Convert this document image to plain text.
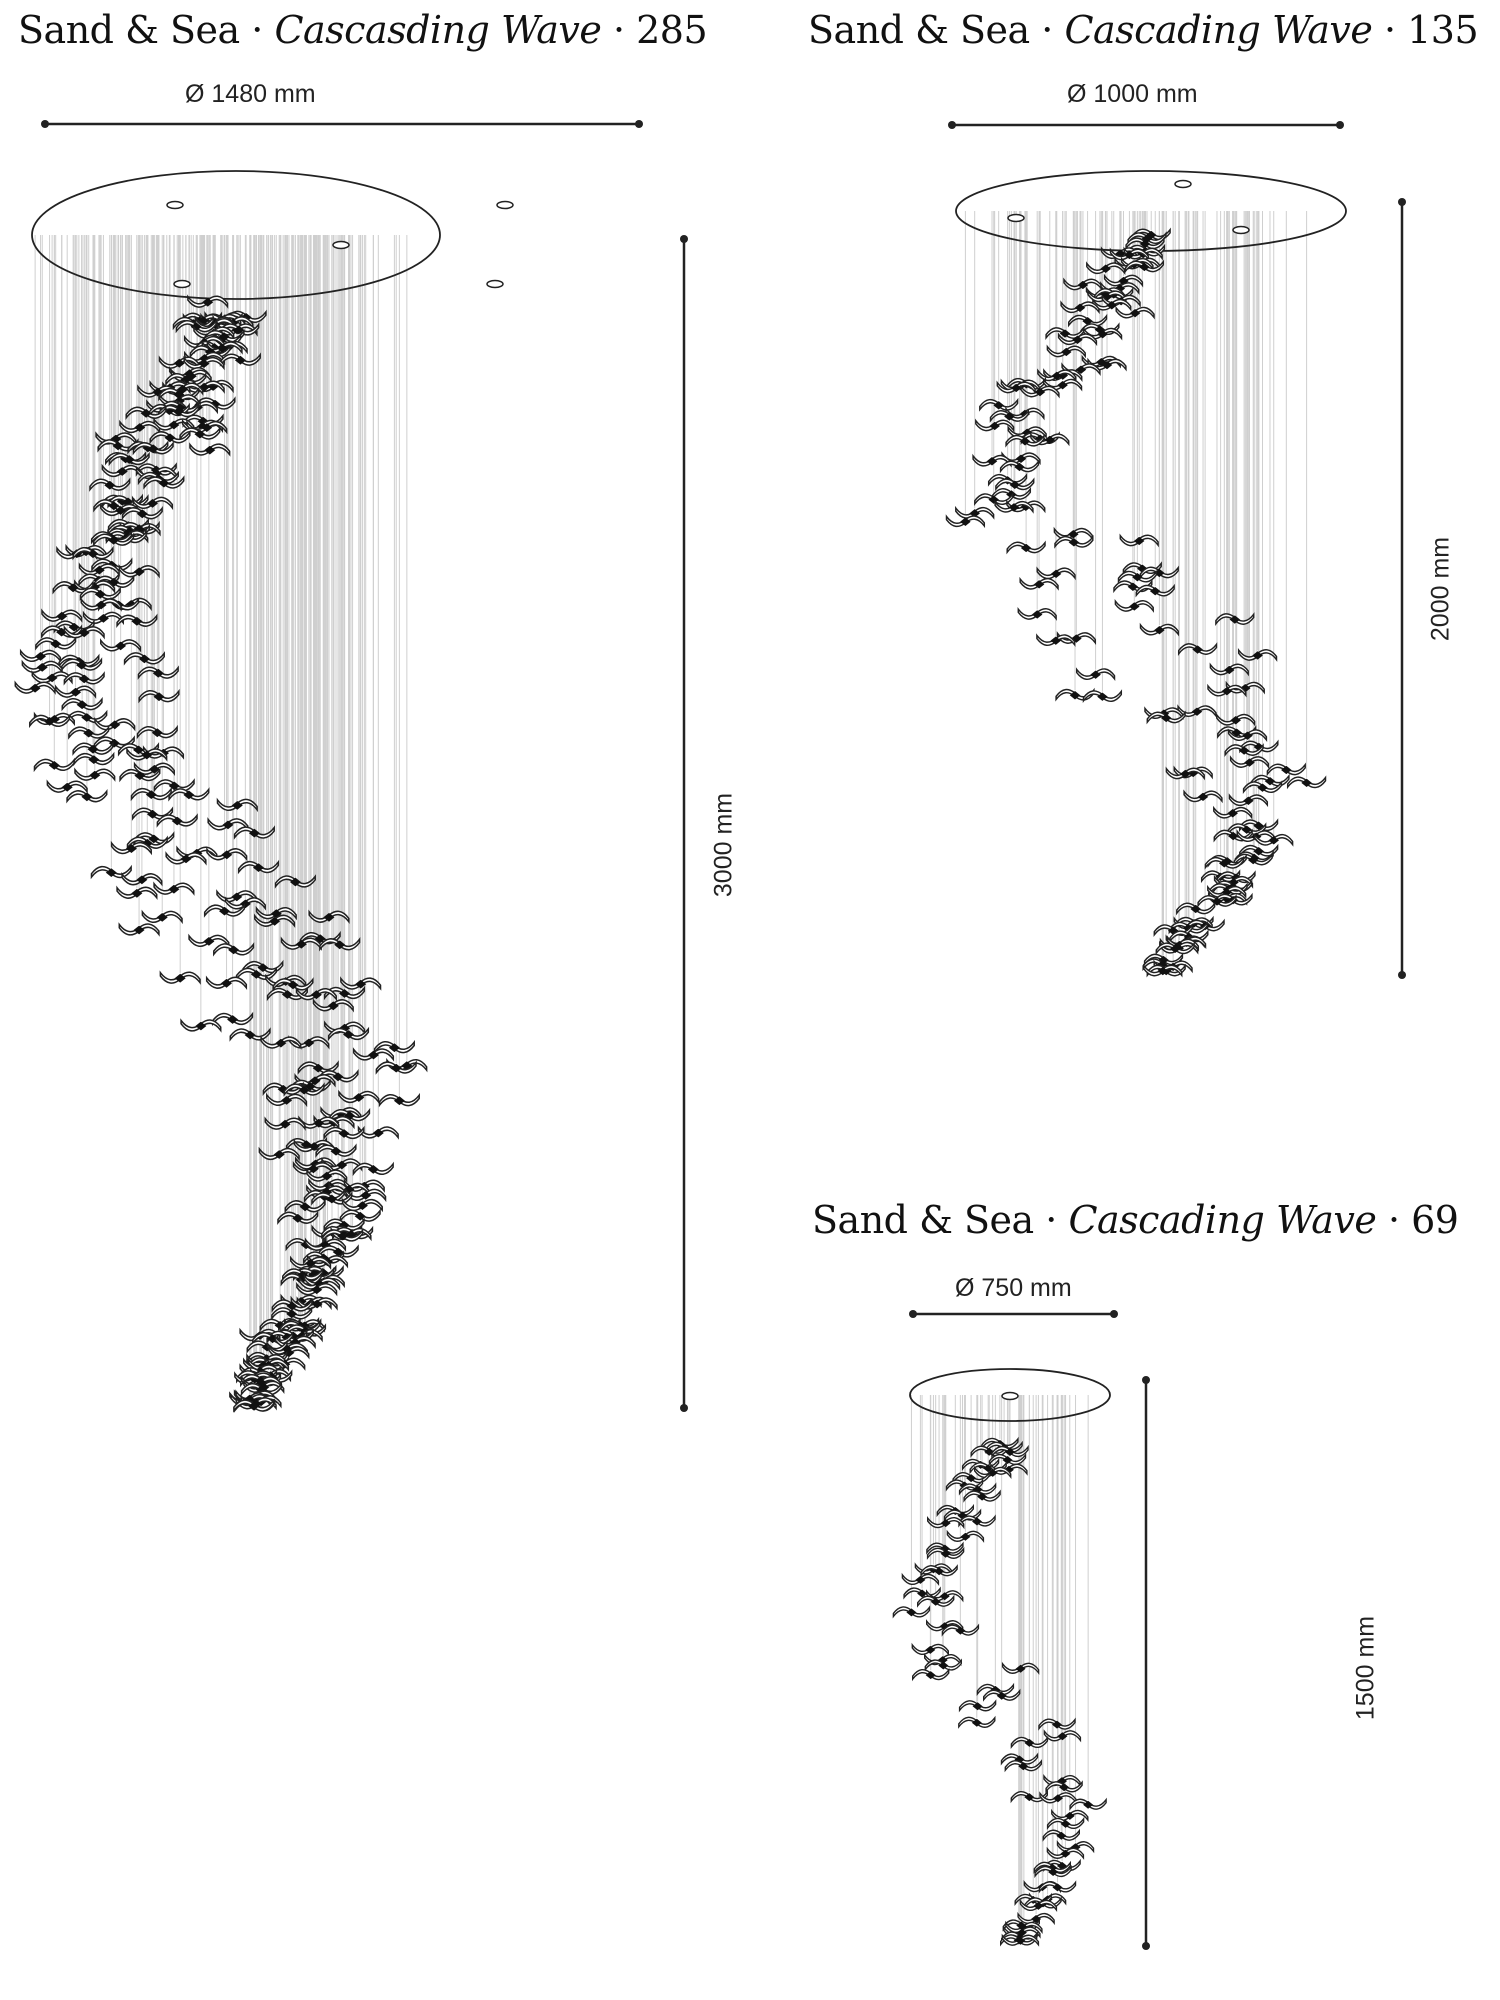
Sand & Sea · Cascasding Wave · 285
Ø 1480 mm
3000 mm
Sand & Sea · Cascading Wave · 135
Ø 1000 mm
2000 mm
Sand & Sea · Cascading Wave · 69
Ø 750 mm
1500 mm
